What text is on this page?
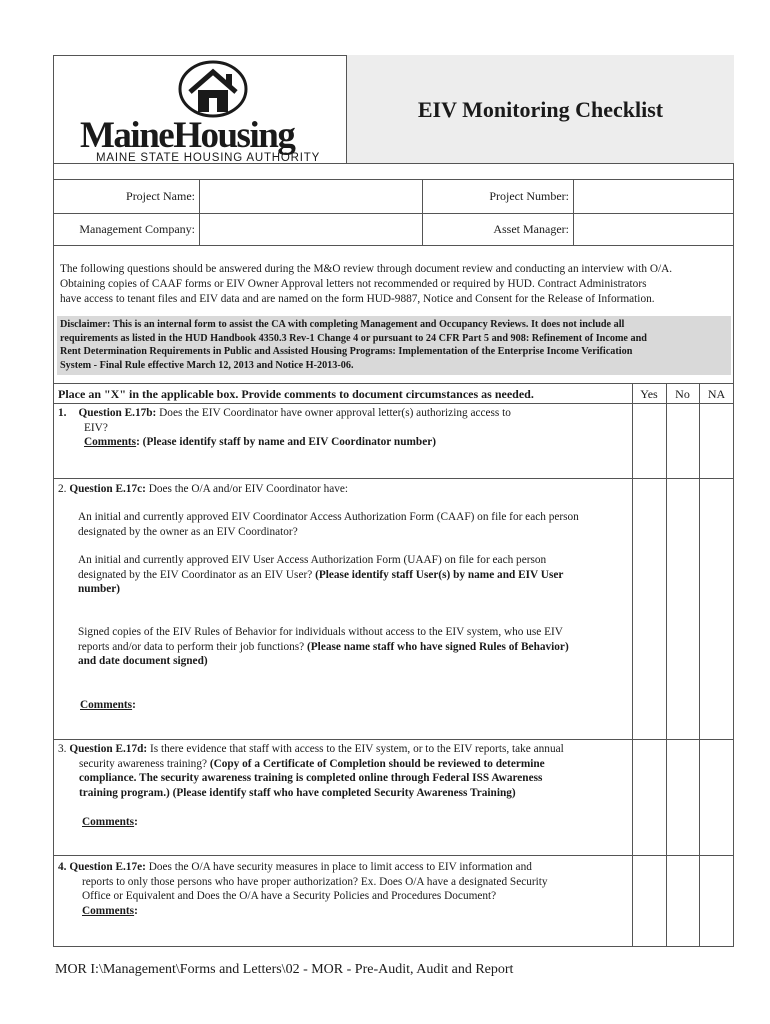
MaineHousing
MAINE STATE HOUSING AUTHORITY
EIV Monitoring Checklist
Project Name:	Project Number:
Management Company:	Asset Manager:
The following questions should be answered during the M&O review through document review and conducting an interview with O/A.
Obtaining copies of CAAF forms or EIV Owner Approval letters not recommended or required by HUD. Contract Administrators
have access to tenant files and EIV data and are named on the form HUD-9887, Notice and Consent for the Release of Information.
Disclaimer: This is an internal form to assist the CA with completing Management and Occupancy Reviews. It does not include all
requirements as listed in the HUD Handbook 4350.3 Rev-1 Change 4 or pursuant to 24 CFR Part 5 and 908: Refinement of Income and
Rent Determination Requirements in Public and Assisted Housing Programs: Implementation of the Enterprise Income Verification
System - Final Rule effective March 12, 2013 and Notice H-2013-06.
Place an "X" in the applicable box. Provide comments to document circumstances as needed.	Yes	No	NA
1. Question E.17b: Does the EIV Coordinator have owner approval letter(s) authorizing access to
EIV?
Comments: (Please identify staff by name and EIV Coordinator number)
2. Question E.17c: Does the O/A and/or EIV Coordinator have:
An initial and currently approved EIV Coordinator Access Authorization Form (CAAF) on file for each person
designated by the owner as an EIV Coordinator?
An initial and currently approved EIV User Access Authorization Form (UAAF) on file for each person
designated by the EIV Coordinator as an EIV User? (Please identify staff User(s) by name and EIV User
number)
Signed copies of the EIV Rules of Behavior for individuals without access to the EIV system, who use EIV
reports and/or data to perform their job functions? (Please name staff who have signed Rules of Behavior)
and date document signed)
Comments:
3. Question E.17d: Is there evidence that staff with access to the EIV system, or to the EIV reports, take annual
security awareness training? (Copy of a Certificate of Completion should be reviewed to determine
compliance. The security awareness training is completed online through Federal ISS Awareness
training program.) (Please identify staff who have completed Security Awareness Training)
Comments:
4. Question E.17e: Does the O/A have security measures in place to limit access to EIV information and
reports to only those persons who have proper authorization? Ex. Does O/A have a designated Security
Office or Equivalent and Does the O/A have a Security Policies and Procedures Document?
Comments:
MOR I:\Management\Forms and Letters\02 - MOR - Pre-Audit, Audit and Report
